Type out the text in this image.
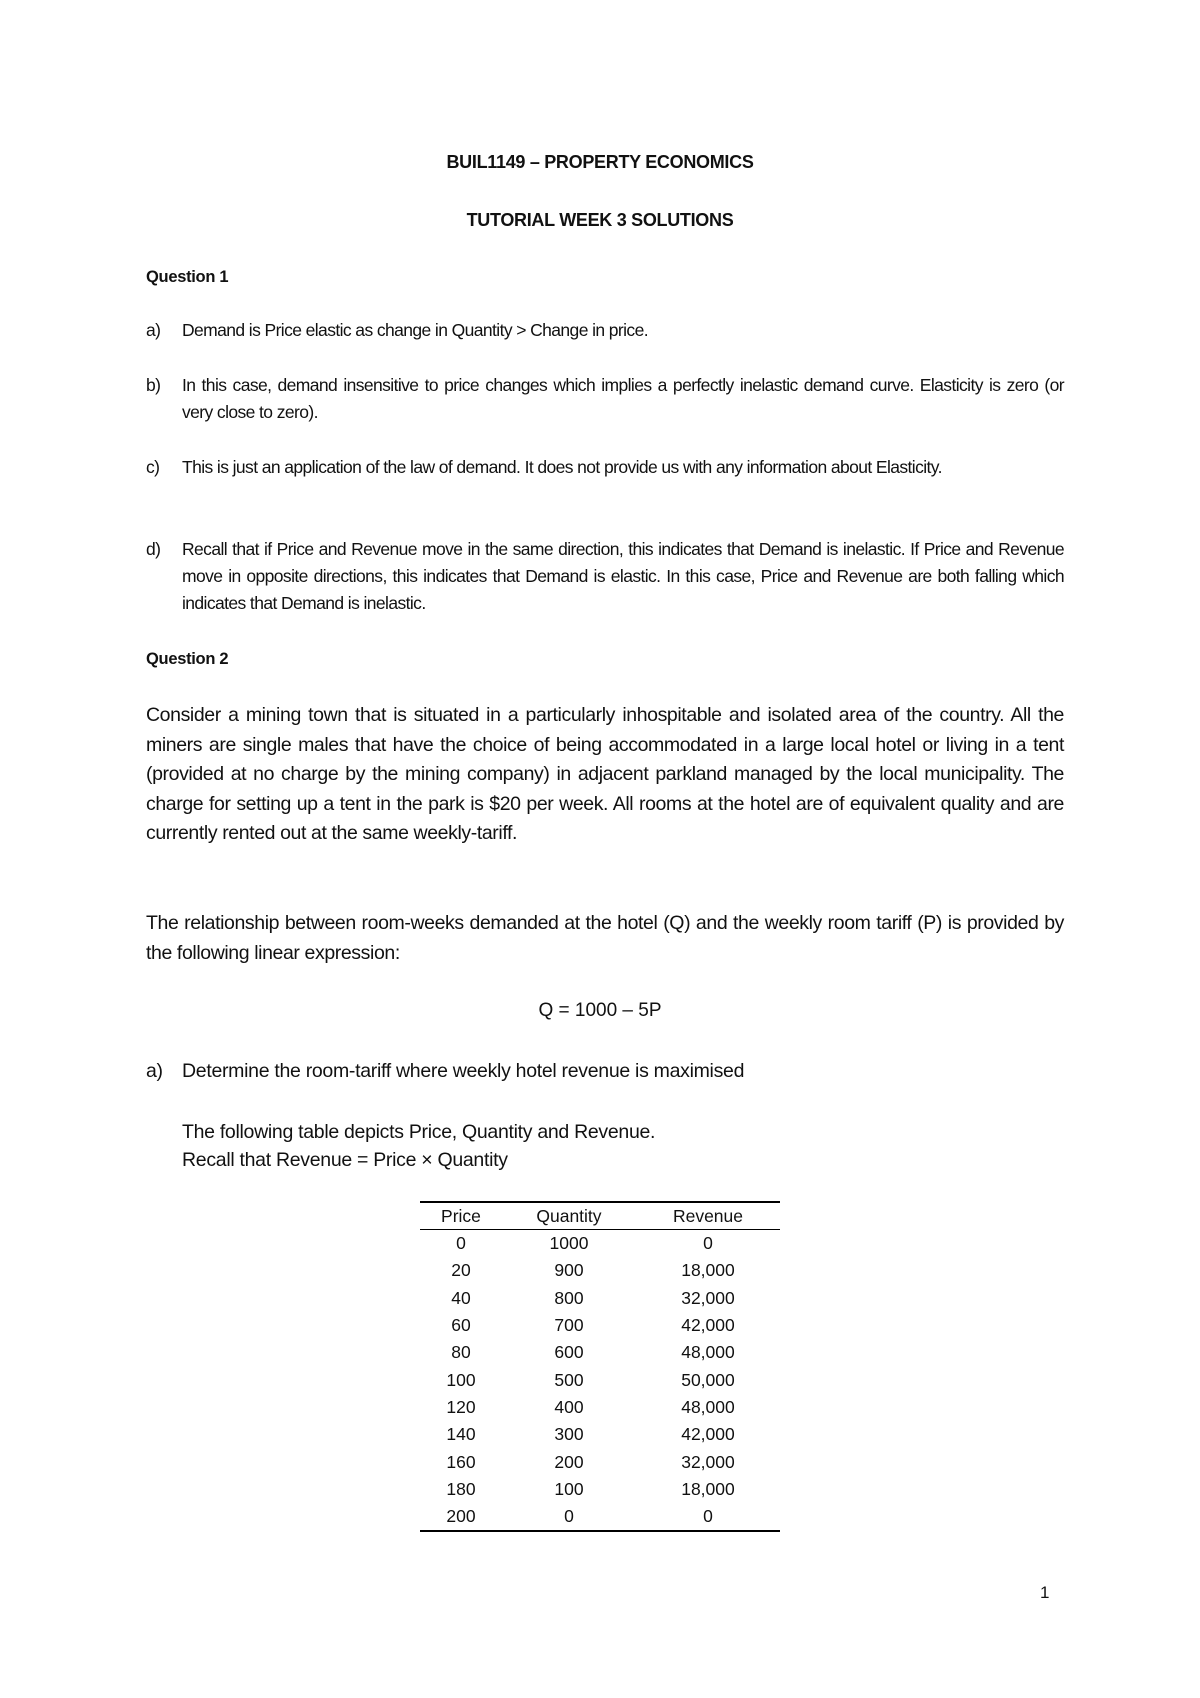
BUIL1149 – PROPERTY ECONOMICS
TUTORIAL WEEK 3 SOLUTIONS
Question 1
a) Demand is Price elastic as change in Quantity > Change in price.
b) In this case, demand insensitive to price changes which implies a perfectly inelastic demand curve. Elasticity is zero (or very close to zero).
c) This is just an application of the law of demand. It does not provide us with any information about Elasticity.
d) Recall that if Price and Revenue move in the same direction, this indicates that Demand is inelastic. If Price and Revenue move in opposite directions, this indicates that Demand is elastic. In this case, Price and Revenue are both falling which indicates that Demand is inelastic.
Question 2
Consider a mining town that is situated in a particularly inhospitable and isolated area of the country. All the miners are single males that have the choice of being accommodated in a large local hotel or living in a tent (provided at no charge by the mining company) in adjacent parkland managed by the local municipality. The charge for setting up a tent in the park is $20 per week. All rooms at the hotel are of equivalent quality and are currently rented out at the same weekly-tariff.
The relationship between room-weeks demanded at the hotel (Q) and the weekly room tariff (P) is provided by the following linear expression:
Q = 1000 – 5P
a) Determine the room-tariff where weekly hotel revenue is maximised
The following table depicts Price, Quantity and Revenue.
Recall that Revenue = Price × Quantity
Price	Quantity	Revenue
0	1000	0
20	900	18,000
40	800	32,000
60	700	42,000
80	600	48,000
100	500	50,000
120	400	48,000
140	300	42,000
160	200	32,000
180	100	18,000
200	0	0
1
